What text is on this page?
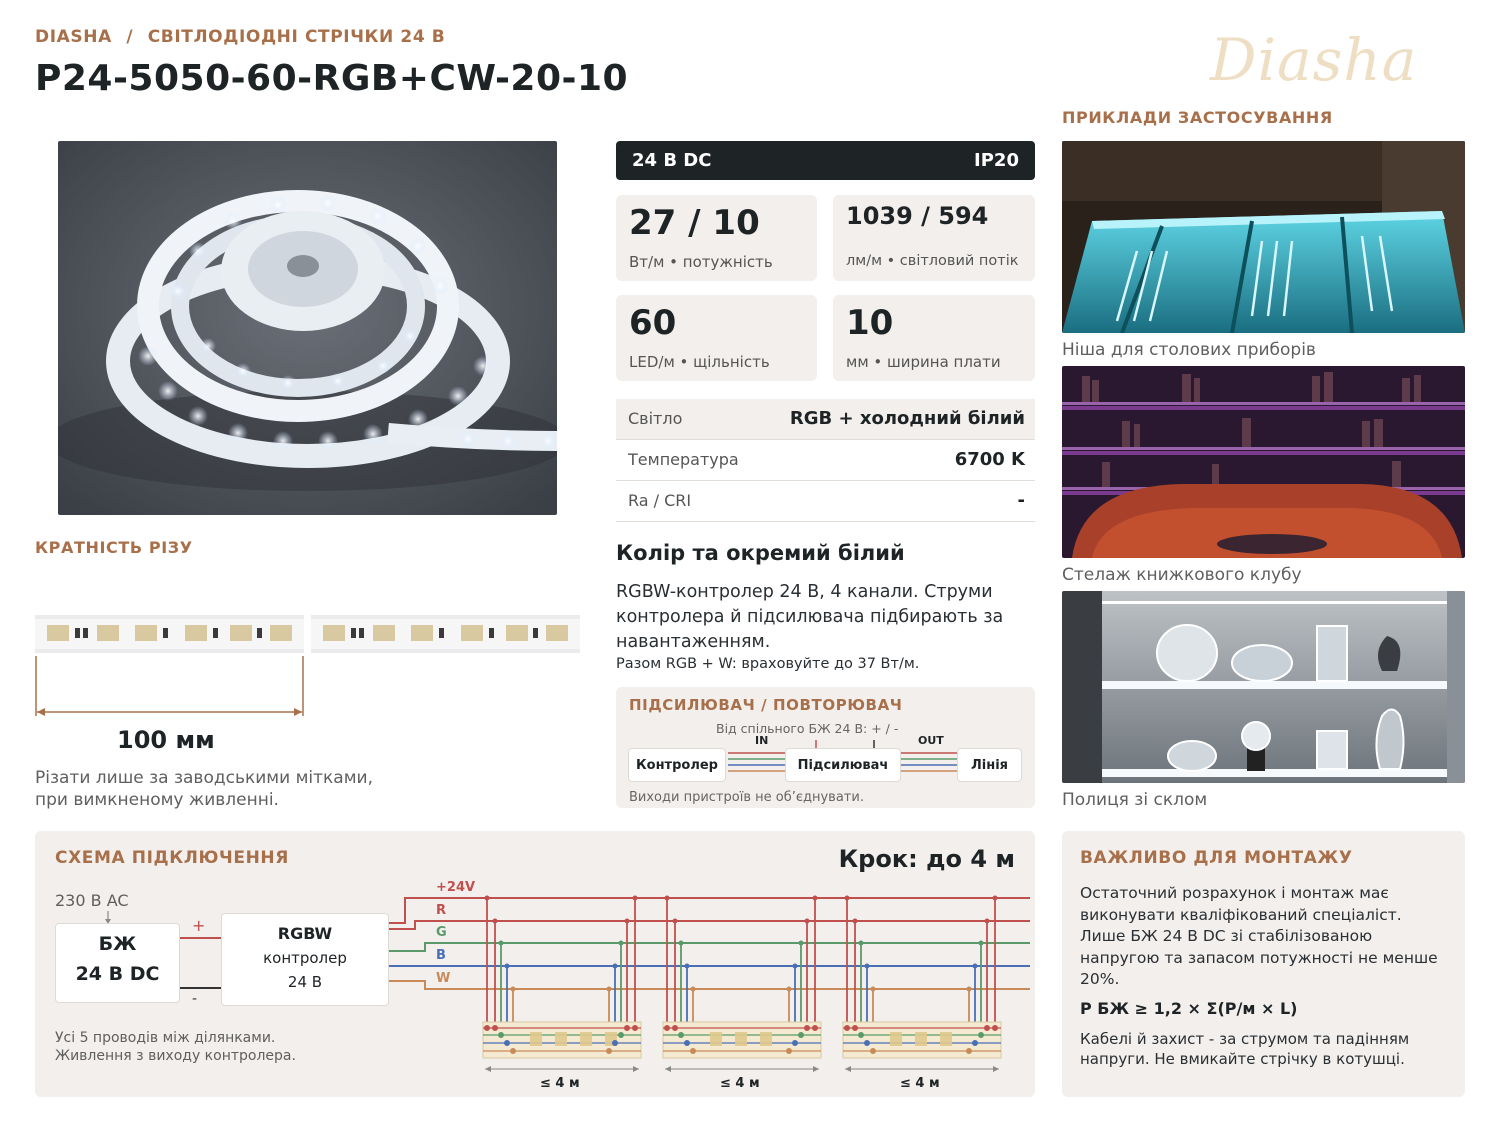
DIASHA / СВІТЛОДІОДНІ СТРІЧКИ 24 В
P24-5050-60-RGB+CW-20-10	Diasha
КРАТНІСТЬ РІЗУ
100 мм
Різати лише за заводськими мітками,
при вимкненому живленні.
24 В DC	IP20
27 / 10
Вт/м • потужність
1039 / 594
лм/м • світловий потік
60
LED/м • щільність
10
мм • ширина плати
Світло	RGB + холодний білий
Температура	6700 K
Ra / CRI	-
Колір та окремий білий
RGBW-контролер 24 В, 4 канали. Струми контролера й підсилювача підбирають за навантаженням.
Разом RGB + W: враховуйте до 37 Вт/м.
ПІДСИЛЮВАЧ / ПОВТОРЮВАЧ
Від спільного БЖ 24 В: + / -
IN	OUT
Контролер	Підсилювач	Лінія
Виходи пристроїв не об’єднувати.
ПРИКЛАДИ ЗАСТОСУВАННЯ
Ніша для столових приборів
Стелаж книжкового клубу
Полиця зі склом
СХЕМА ПІДКЛЮЧЕННЯ	Крок: до 4 м
230 В AC
БЖ
24 В DC
+
-
RGBW
контролер
24 В
+24V
R
G
B
W
≤ 4 м	≤ 4 м	≤ 4 м
Усі 5 проводів між ділянками.
Живлення з виходу контролера.
ВАЖЛИВО ДЛЯ МОНТАЖУ
Остаточний розрахунок і монтаж має виконувати кваліфікований спеціаліст. Лише БЖ 24 В DC зі стабілізованою напругою та запасом потужності не менше 20%.
P БЖ ≥ 1,2 × Σ(P/м × L)
Кабелі й захист - за струмом та падінням напруги. Не вмикайте стрічку в котушці.
